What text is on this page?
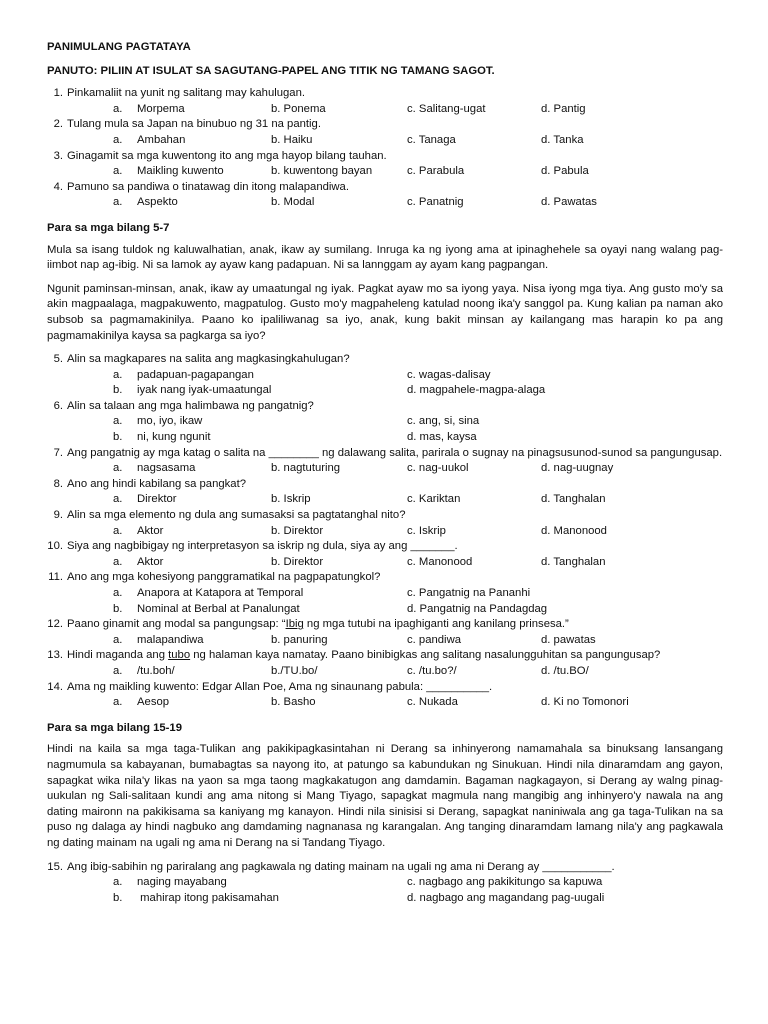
PANIMULANG PAGTATAYA
PANUTO: PILIIN AT ISULAT SA SAGUTANG-PAPEL ANG TITIK NG TAMANG SAGOT.
1. Pinkamaliit na yunit ng salitang may kahulugan.
a. Morpema	b. Ponema	c. Salitang-ugat	d. Pantig
2. Tulang mula sa Japan na binubuo ng 31 na pantig.
a. Ambahan	b. Haiku	c. Tanaga	d. Tanka
3. Ginagamit sa mga kuwentong ito ang mga hayop bilang tauhan.
a. Maikling kuwento	b. kuwentong bayan	c. Parabula	d. Pabula
4. Pamuno sa pandiwa o tinatawag din itong malapandiwa.
a. Aspekto	b. Modal	c. Panatnig	d. Pawatas
Para sa mga bilang 5-7
Mula sa isang tuldok ng kaluwalhatian, anak, ikaw ay sumilang. Inruga ka ng iyong ama at ipinaghehele sa oyayi nang walang pag-iimbot nap ag-ibig. Ni sa lamok ay ayaw kang padapuan. Ni sa lannggam ay ayam kang pagpangan.
Ngunit paminsan-minsan, anak, ikaw ay umaatungal ng iyak. Pagkat ayaw mo sa iyong yaya. Nisa iyong mga tiya. Ang gusto mo'y sa akin magpaalaga, magpakuwento, magpatulog. Gusto mo'y magpaheleng katulad noong ika'y sanggol pa. Kung kalian pa naman ako subsob sa pagmamakinilya. Paano ko ipaliliwanag sa iyo, anak, kung bakit minsan ay kailangang mas harapin ko pa ang pagmamakinilya kaysa sa pagkarga sa iyo?
5. Alin sa magkapares na salita ang magkasingkahulugan?
a. padapuan-pagapangan	c. wagas-dalisay
b. iyak nang iyak-umaatungal	d. magpahele-magpa-alaga
6. Alin sa talaan ang mga halimbawa ng pangatnig?
a. mo, iyo, ikaw	c. ang, si, sina
b. ni, kung ngunit	d. mas, kaysa
7. Ang pangatnig ay mga katag o salita na ________ ng dalawang salita, parirala o sugnay na pinagsusunod-sunod sa pangungusap.
a. nagsasama	b. nagtuturing	c. nag-uukol	d. nag-uugnay
8. Ano ang hindi kabilang sa pangkat?
a. Direktor	b. Iskrip	c. Kariktan	d. Tanghalan
9. Alin sa mga elemento ng dula ang sumasaksi sa pagtatanghal nito?
a. Aktor	b. Direktor	c. Iskrip	d. Manonood
10. Siya ang nagbibigay ng interpretasyon sa iskrip ng dula, siya ay ang _______.
a. Aktor	b. Direktor	c. Manonood	d. Tanghalan
11. Ano ang mga kohesiyong panggramatikal na pagpapatungkol?
a. Anapora at Katapora at Temporal	c. Pangatnig na Pananhi
b. Nominal at Berbal at Panalungat	d. Pangatnig na Pandagdag
12. Paano ginamit ang modal sa pangungsap: “Ibig ng mga tutubi na ipaghiganti ang kanilang prinsesa.”
a. malapandiwa	b. panuring	c. pandiwa	d. pawatas
13. Hindi maganda ang tubo ng halaman kaya namatay. Paano binibigkas ang salitang nasalungguhitan sa pangungusap?
a. /tu.boh/	b./TU.bo/	c. /tu.bo?/	d. /tu.BO/
14. Ama ng maikling kuwento: Edgar Allan Poe, Ama ng sinaunang pabula: __________.
a. Aesop	b. Basho	c. Nukada	d. Ki no Tomonori
Para sa mga bilang 15-19
Hindi na kaila sa mga taga-Tulikan ang pakikipagkasintahan ni Derang sa inhinyerong namamahala sa binuksang lansangang nagmumula sa kabayanan, bumabagtas sa nayong ito, at patungo sa kabundukan ng Sinukuan. Hindi nila dinaramdam ang gayon, sapagkat wika nila'y likas na yaon sa mga taong magkakatugon ang damdamin. Bagaman nagkagayon, si Derang ay walng pinag-uukulan ng Sali-salitaan kundi ang ama nitong si Mang Tiyago, sapagkat magmula nang mangibig ang inhinyero'y nawala na ang dating maironn na pakikisama sa kaniyang mg kanayon. Hindi nila sinisisi si Derang, sapagkat naniniwala ang ga taga-Tulikan na sa puso ng dalaga ay hindi nagbuko ang damdaming nagnanasa ng karangalan. Ang tanging dinaramdam lamang nila'y ang pagkawala ng dating mainam na ugali ng ama ni Derang na si Tandang Tiyago.
15. Ang ibig-sabihin ng pariralang ang pagkawala ng dating mainam na ugali ng ama ni Derang ay ___________.
a. naging mayabang	c. nagbago ang pakikitungo sa kapuwa
b. mahirap itong pakisamahan	d. nagbago ang magandang pag-uugali
